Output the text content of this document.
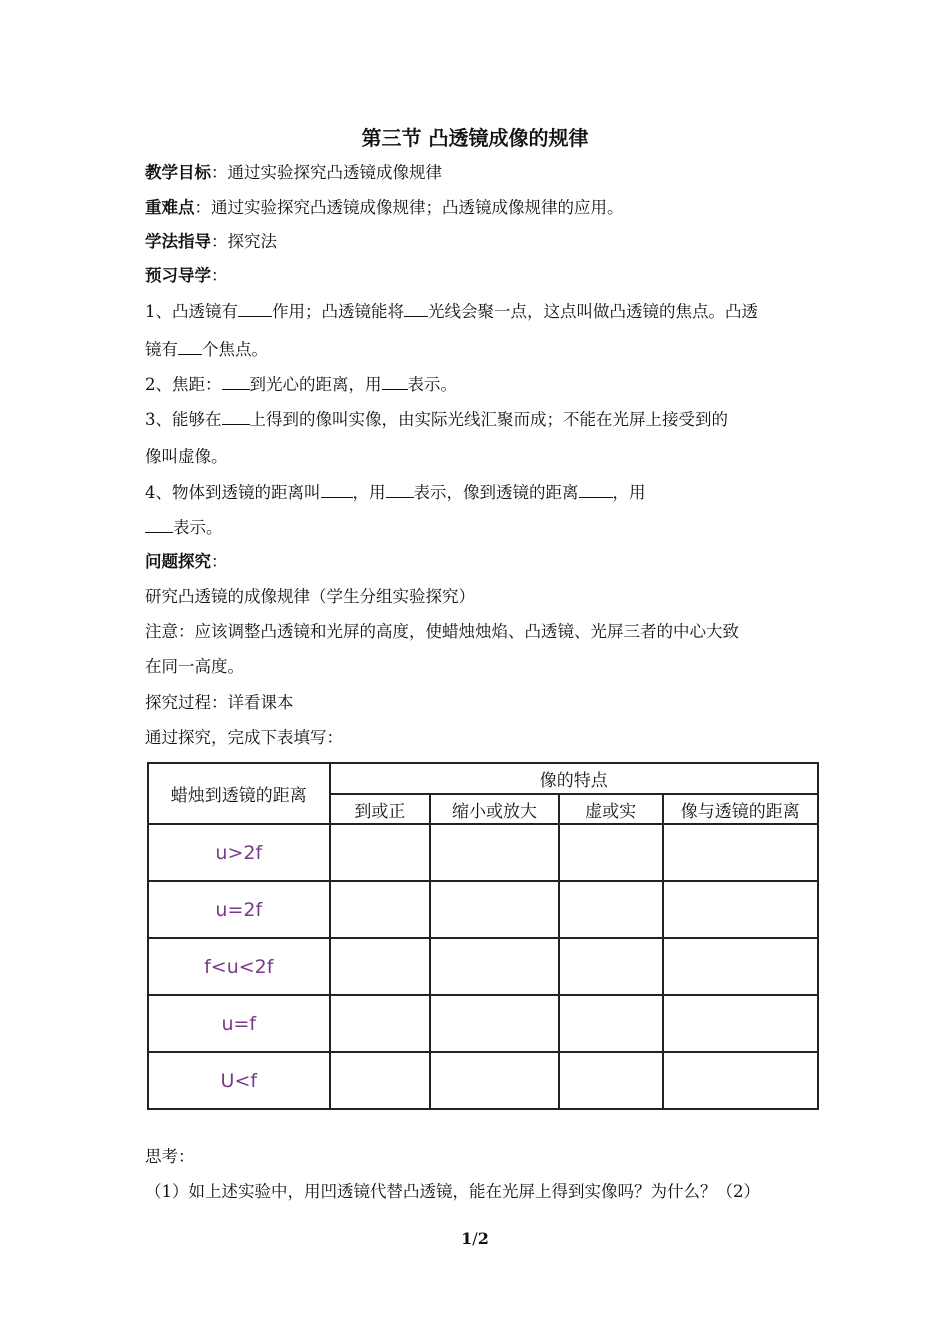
第三节 凸透镜成像的规律
教学目标：通过实验探究凸透镜成像规律
重难点：通过实验探究凸透镜成像规律；凸透镜成像规律的应用。
学法指导：探究法
预习导学：
1、凸透镜有 作用；凸透镜能将 光线会聚一点，这点叫做凸透镜的焦点。凸透
镜有 个焦点。
2、焦距： 到光心的距离，用 表示。
3、能够在 上得到的像叫实像，由实际光线汇聚而成；不能在光屏上接受到的
像叫虚像。
4、物体到透镜的距离叫 ，用 表示，像到透镜的距离 ，用
表示。
问题探究：
研究凸透镜的成像规律（学生分组实验探究）
注意：应该调整凸透镜和光屏的高度，使蜡烛烛焰、凸透镜、光屏三者的中心大致
在同一高度。
探究过程：详看课本
通过探究，完成下表填写：
蜡烛到透镜的距离	像的特点			
	到或正	缩小或放大	虚或实	像与透镜的距离
u>2f				
u=2f				
f<u<2f				
u=f				
U<f				
思考：
（1）如上述实验中，用凹透镜代替凸透镜，能在光屏上得到实像吗？为什么？（2）
1/2
